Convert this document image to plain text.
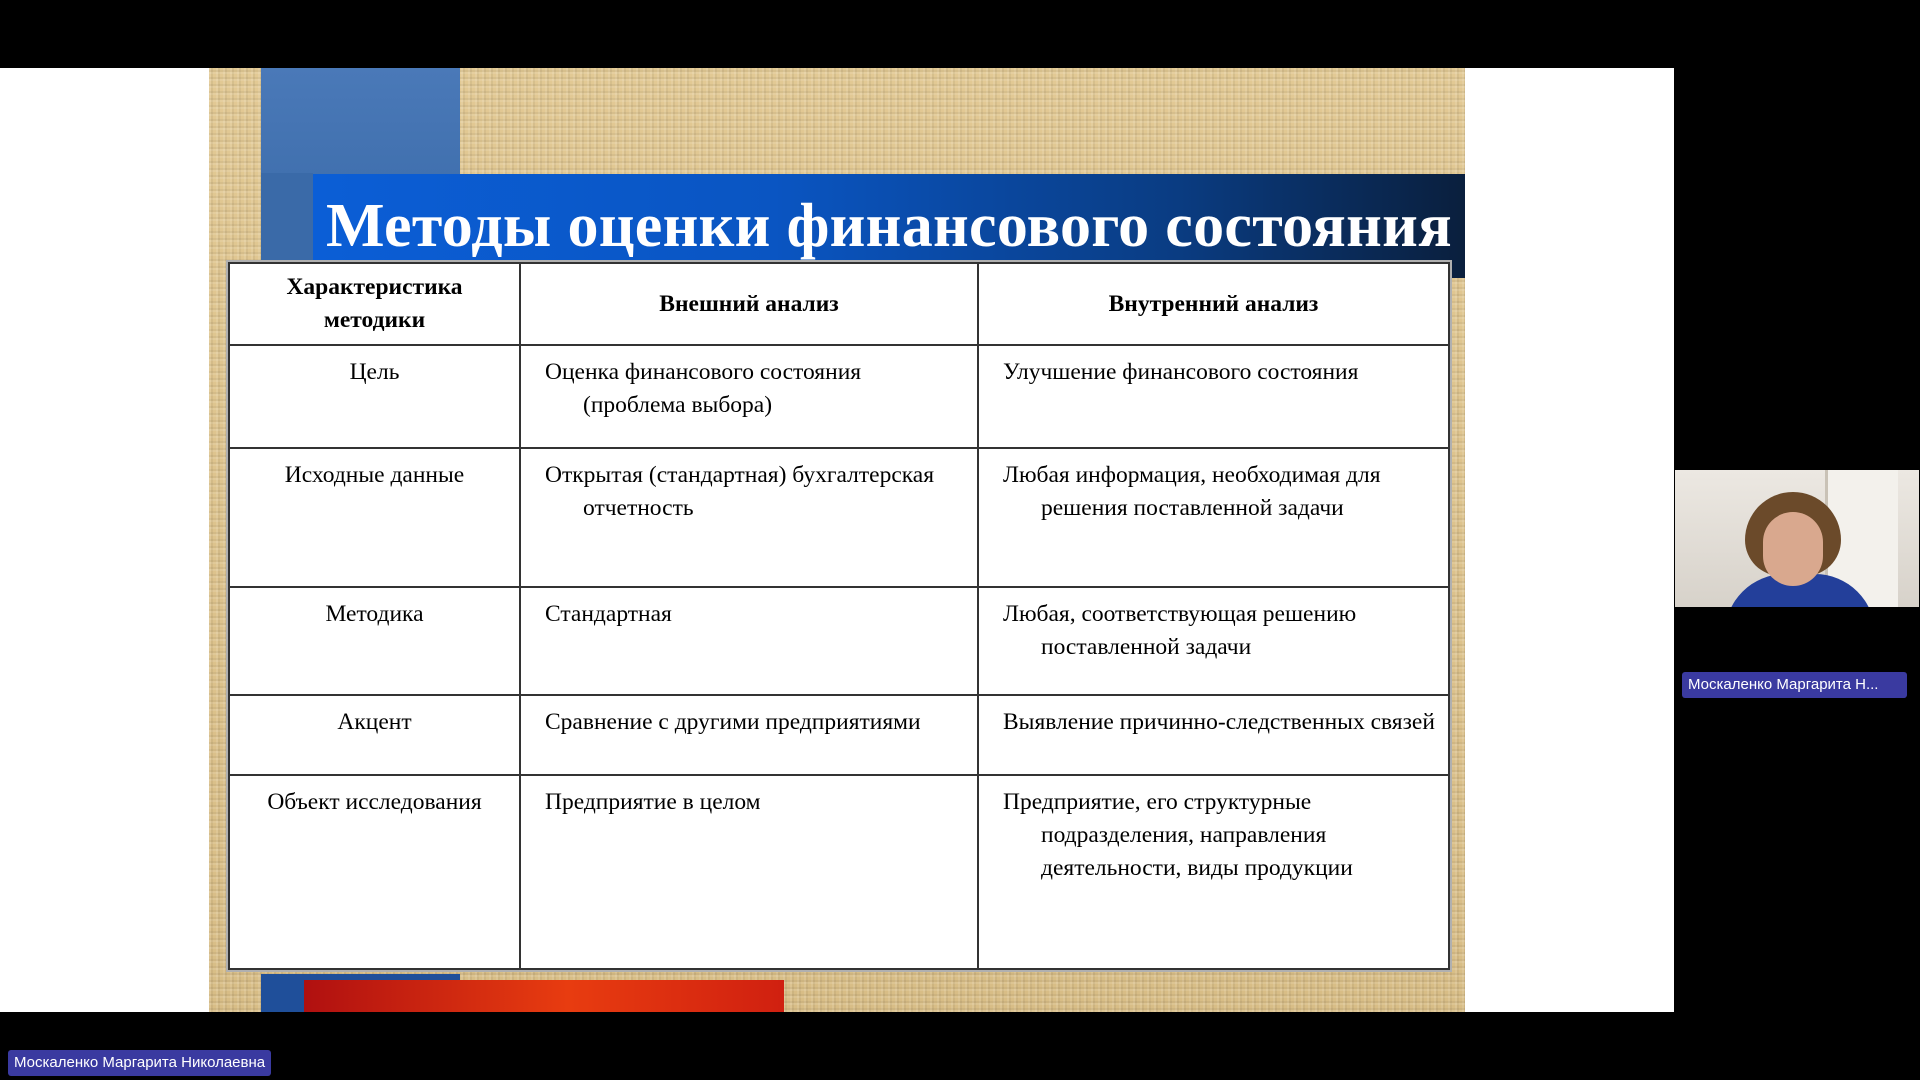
Методы оценки финансового состояния
Характеристика методики	Внешний анализ	Внутренний анализ
Цель	Оценка финансового состояния (проблема выбора)	Улучшение финансового состояния

Исходные данные	Открытая (стандартная) бухгалтерская отчетность	Любая информация, необходимая для решения поставленной задачи

Методика	Стандартная	Любая, соответствующая решению поставленной задачи

Акцент	Сравнение с другими предприятиями	Выявление причинно-следственных связей

Объект исследования	Предприятие в целом	Предприятие, его структурные подразделения, направления деятельности, виды продукции
Москаленко Маргарита Н...
Москаленко Маргарита Николаевна
